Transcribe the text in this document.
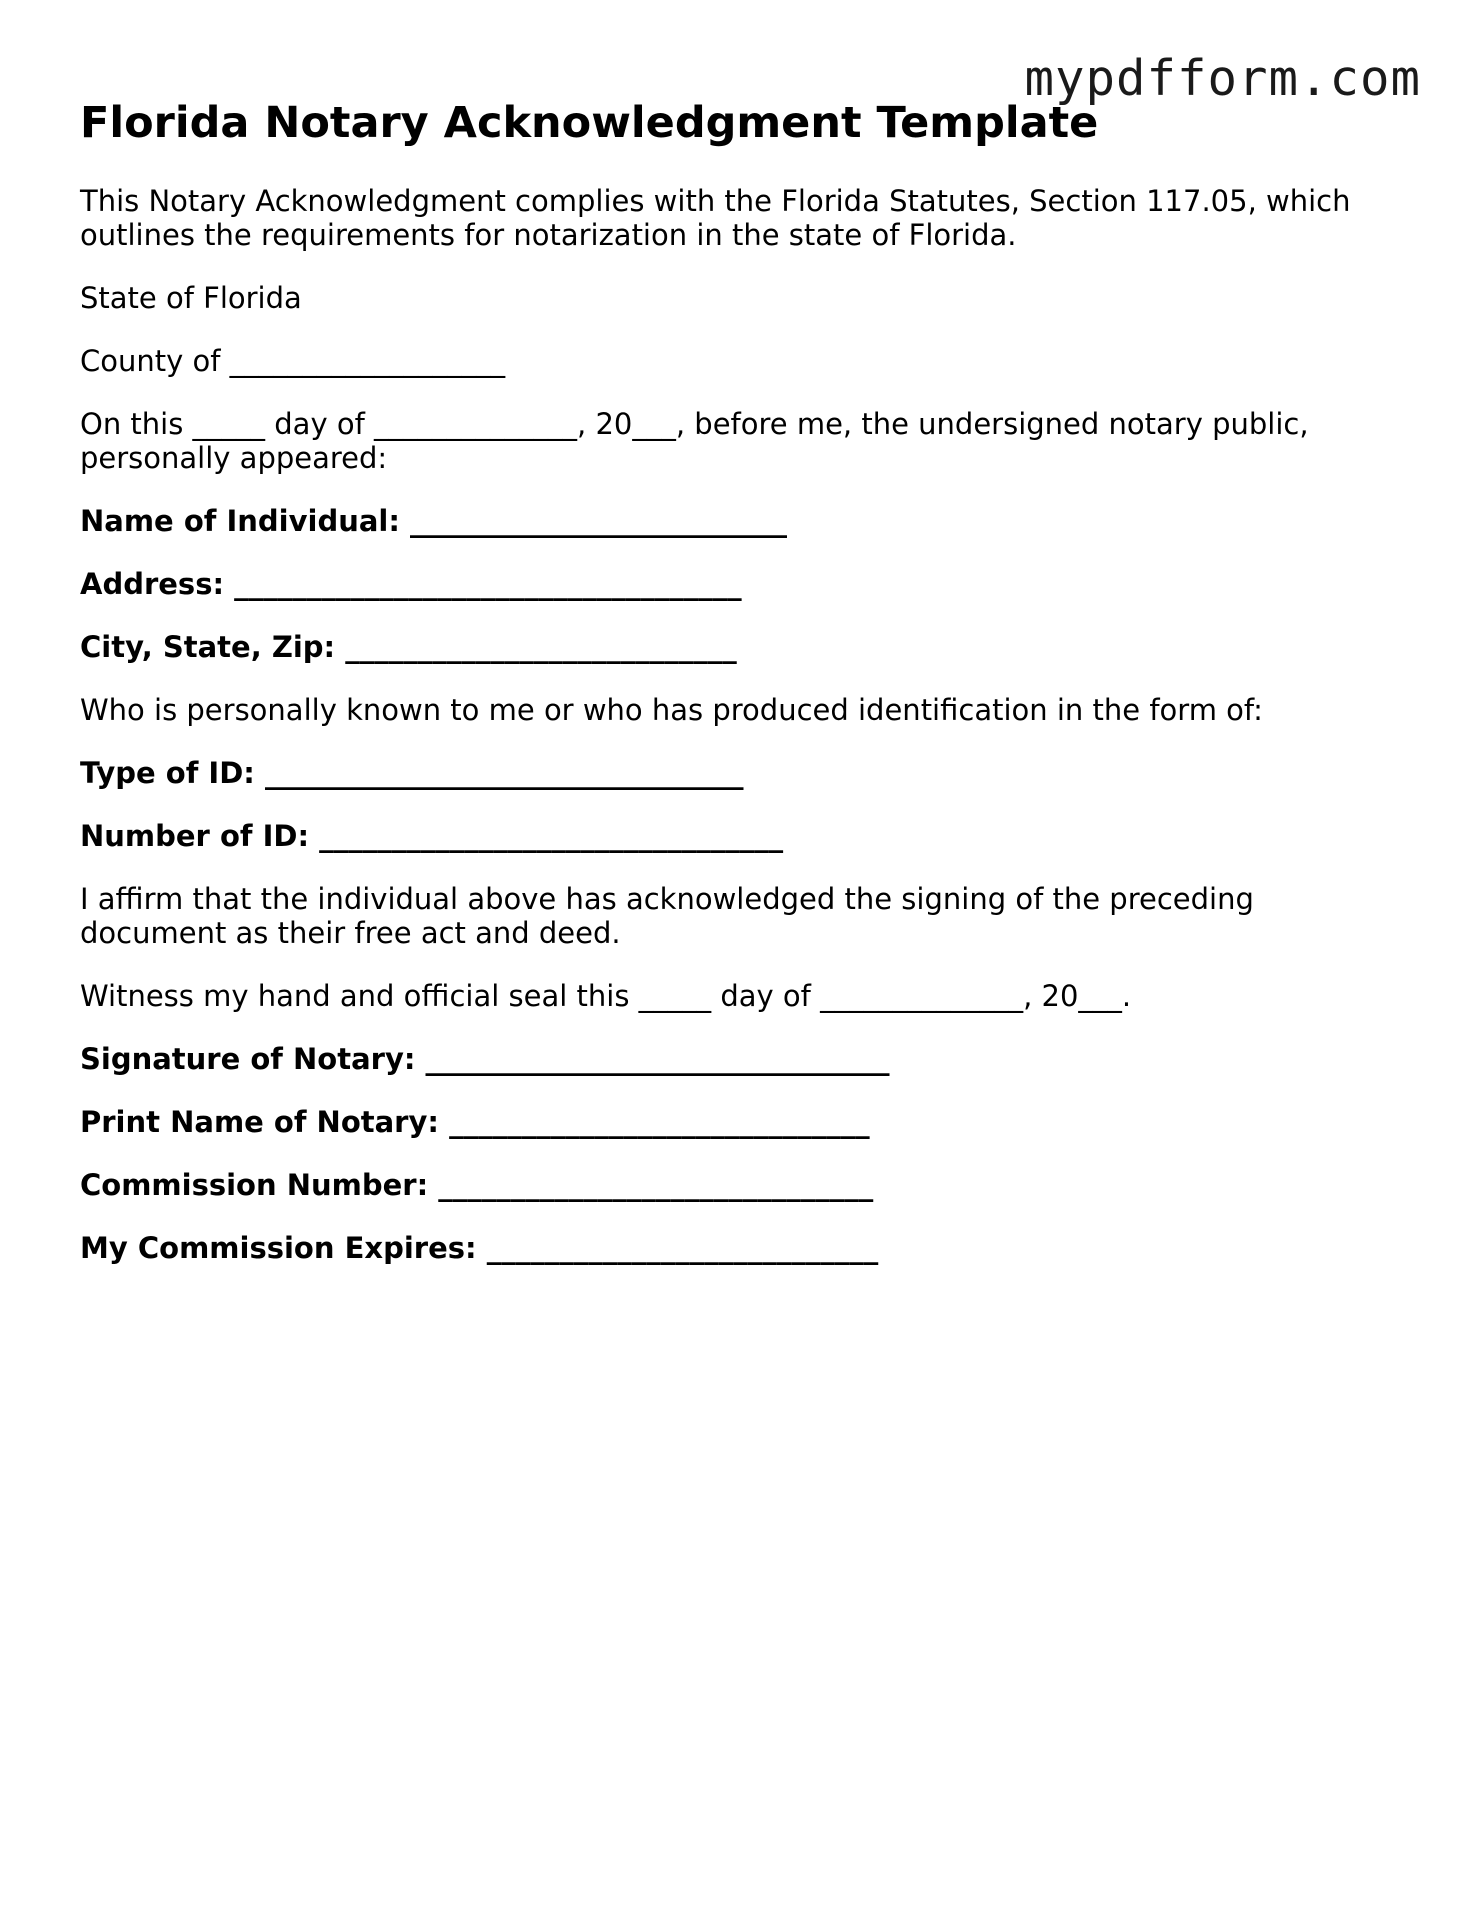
mypdfform.com
Florida Notary Acknowledgment Template

This Notary Acknowledgment complies with the Florida Statutes, Section 117.05, which
outlines the requirements for notarization in the state of Florida.

State of Florida

County of ___________________

On this _____ day of ______________, 20___, before me, the undersigned notary public,
personally appeared:

Name of Individual: __________________________

Address: ___________________________________

City, State, Zip: ___________________________

Who is personally known to me or who has produced identification in the form of:

Type of ID: _________________________________

Number of ID: ________________________________

I affirm that the individual above has acknowledged the signing of the preceding
document as their free act and deed.

Witness my hand and official seal this _____ day of ______________, 20___.

Signature of Notary: ________________________________

Print Name of Notary: _____________________________

Commission Number: ______________________________

My Commission Expires: ___________________________
